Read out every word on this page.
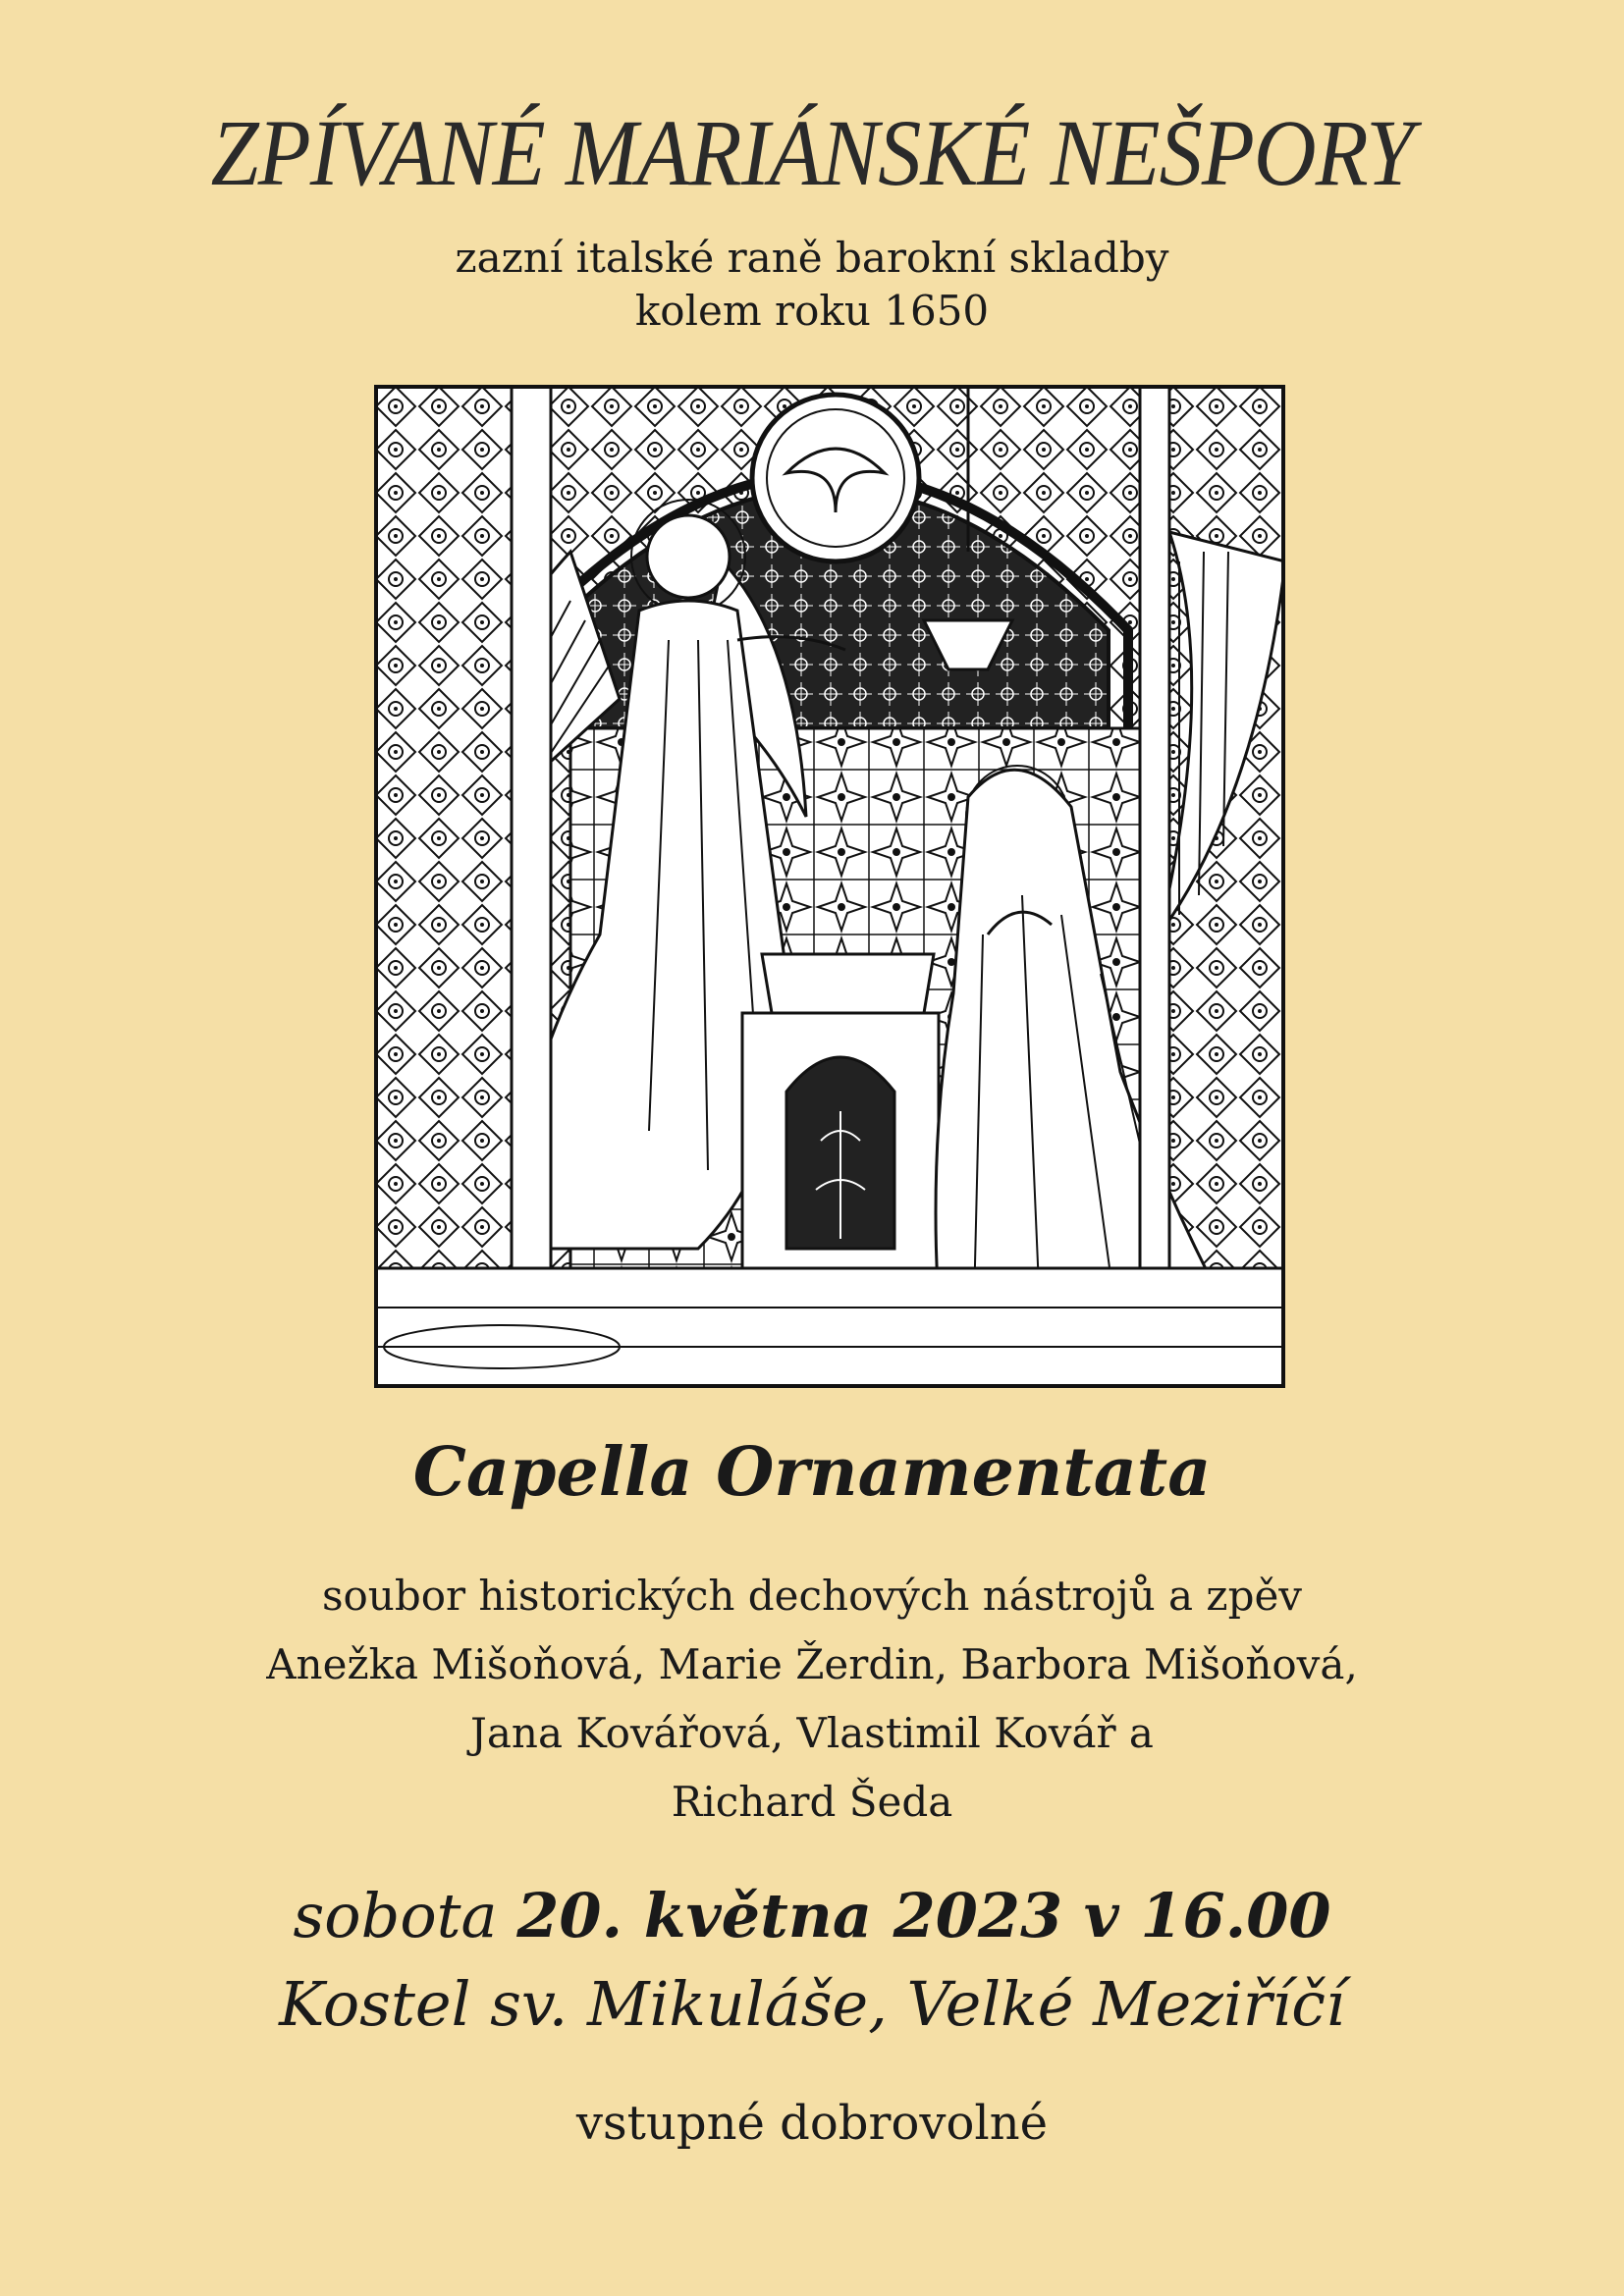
ZPÍVANÉ MARIÁNSKÉ NEŠPORY
zazní italské raně barokní skladby
kolem roku 1650
Capella Ornamentata
soubor historických dechových nástrojů a zpěv
Anežka Mišoňová, Marie Žerdin, Barbora Mišoňová,
Jana Kovářová, Vlastimil Kovář a
Richard Šeda
sobota 20. května 2023 v 16.00
Kostel sv. Mikuláše, Velké Meziříčí
vstupné dobrovolné
